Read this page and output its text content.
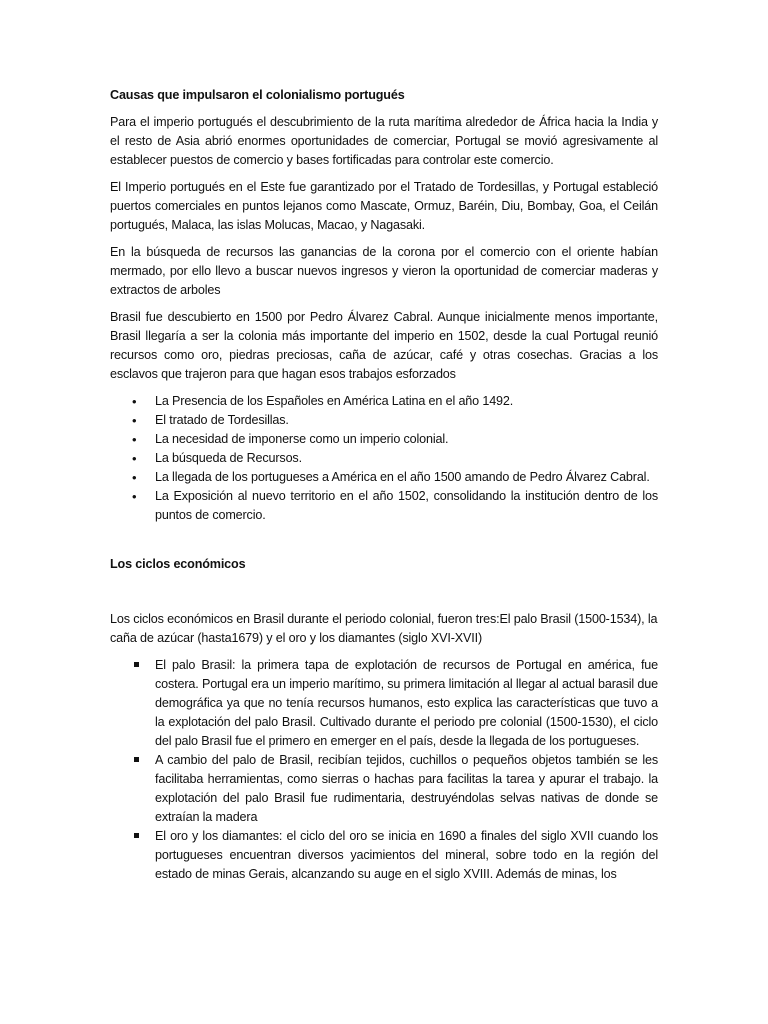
Causas que impulsaron el colonialismo portugués

Para el imperio portugués el descubrimiento de la ruta marítima alrededor de África hacia la India y el resto de Asia abrió enormes oportunidades de comerciar, Portugal se movió agresivamente al establecer puestos de comercio y bases fortificadas para controlar este comercio.

El Imperio portugués en el Este fue garantizado por el Tratado de Tordesillas, y Portugal estableció puertos comerciales en puntos lejanos como Mascate, Ormuz, Baréin, Diu, Bombay, Goa, el Ceilán portugués, Malaca, las islas Molucas, Macao, y Nagasaki.

En la búsqueda de recursos las ganancias de la corona por el comercio con el oriente habían mermado, por ello llevo a buscar nuevos ingresos y vieron la oportunidad de comerciar maderas y extractos de arboles

Brasil fue descubierto en 1500 por Pedro Álvarez Cabral. Aunque inicialmente menos importante, Brasil llegaría a ser la colonia más importante del imperio en 1502, desde la cual Portugal reunió recursos como oro, piedras preciosas, caña de azúcar, café y otras cosechas. Gracias a los esclavos que trajeron para que hagan esos trabajos esforzados

• La Presencia de los Españoles en América Latina en el año 1492.
• El tratado de Tordesillas.
• La necesidad de imponerse como un imperio colonial.
• La búsqueda de Recursos.
• La llegada de los portugueses a América en el año 1500 amando de Pedro Álvarez Cabral.
• La Exposición al nuevo territorio en el año 1502, consolidando la institución dentro de los puntos de comercio.
Los ciclos económicos

Los ciclos económicos en Brasil durante el periodo colonial, fueron tres:El palo Brasil (1500-1534), la caña de azúcar (hasta1679) y el oro y los diamantes (siglo XVI-XVII)

El palo Brasil: la primera tapa de explotación de recursos de Portugal en américa, fue costera. Portugal era un imperio marítimo, su primera limitación al llegar al actual barasil due demográfica ya que no tenía recursos humanos, esto explica las características que tuvo a la explotación del palo Brasil. Cultivado durante el periodo pre colonial (1500-1530), el ciclo del palo Brasil fue el primero en emerger en el país, desde la llegada de los portugueses.
A cambio del palo de Brasil, recibían tejidos, cuchillos o pequeños objetos también se les facilitaba herramientas, como sierras o hachas para facilitas la tarea y apurar el trabajo. la explotación del palo Brasil fue rudimentaria, destruyéndolas selvas nativas de donde se extraían la madera
El oro y los diamantes: el ciclo del oro se inicia en 1690 a finales del siglo XVII cuando los portugueses encuentran diversos yacimientos del mineral, sobre todo en la región del estado de minas Gerais, alcanzando su auge en el siglo XVIII. Además de minas, los
